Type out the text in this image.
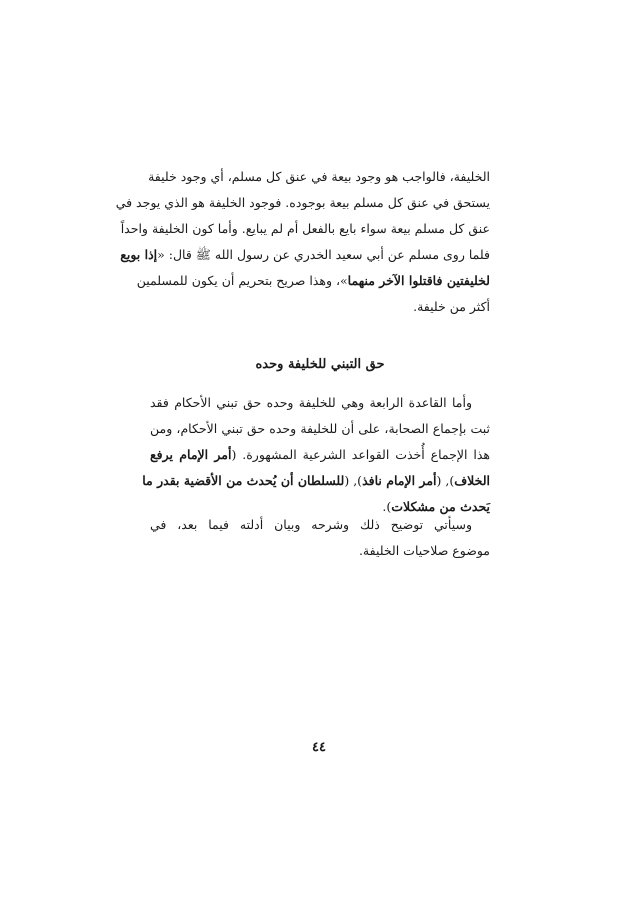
الخليفة، فالواجب هو وجود بيعة في عنق كل مسلم، أي وجود خليفة
يستحق في عنق كل مسلم بيعة بوجوده. فوجود الخليفة هو الذي يوجد في
عنق كل مسلم بيعة سواء بايع بالفعل أم لم يبايع. وأما كون الخليفة واحداً
فلما روى مسلم عن أبي سعيد الخدري عن رسول الله ﷺ قال: «إذا بويع
لخليفتين فاقتلوا الآخر منهما»، وهذا صريح بتحريم أن يكون للمسلمين
أكثر من خليفة.
حق التبني للخليفة وحده
وأما القاعدة الرابعة وهي للخليفة وحده حق تبني الأحكام فقد
ثبت بإجماع الصحابة، على أن للخليفة وحده حق تبني الأحكام، ومن
هذا الإجماع أُخذت القواعد الشرعية المشهورة. (أمر الإمام يرفع
الخلاف), (أمر الإمام نافذ), (للسلطان أن يُحدث من الأقضية بقدر ما
يَحدث من مشكلات).
وسيأتي توضيح ذلك وشرحه وبيان أدلته فيما بعد، في
موضوع صلاحيات الخليفة.
٤٤
